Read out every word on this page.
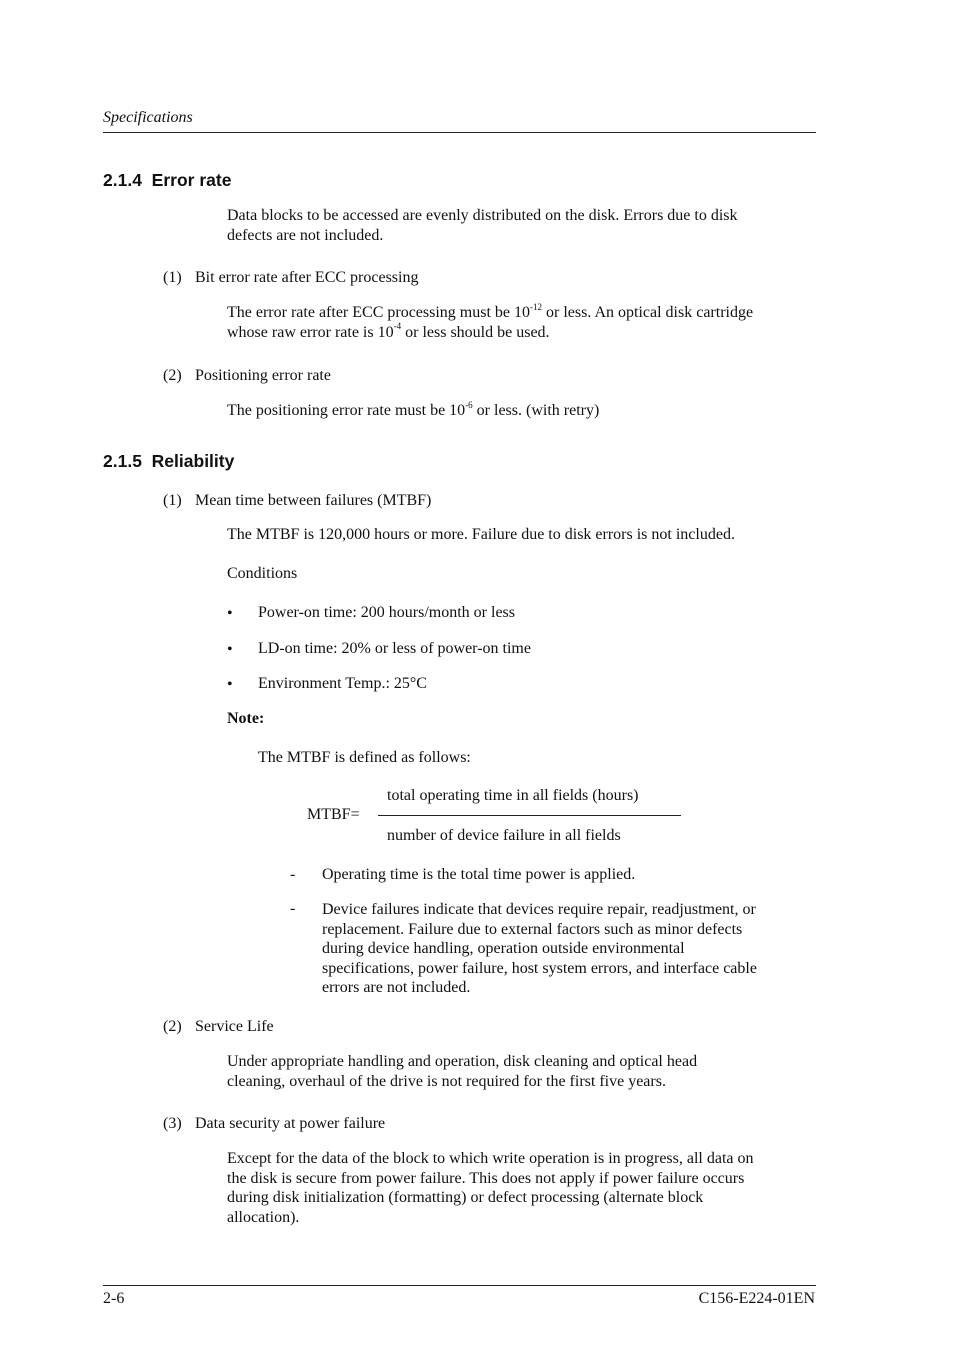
Specifications
2.1.4 Error rate
Data blocks to be accessed are evenly distributed on the disk. Errors due to disk
defects are not included.
(1) Bit error rate after ECC processing
The error rate after ECC processing must be $10^{-12}$ or less. An optical disk cartridge
whose raw error rate is $10^{-4}$ or less should be used.
(2) Positioning error rate
The positioning error rate must be $10^{-6}$ or less. (with retry)
2.1.5 Reliability
(1) Mean time between failures (MTBF)
The MTBF is 120,000 hours or more. Failure due to disk errors is not included.
Conditions
• Power-on time: 200 hours/month or less
• LD-on time: 20% or less of power-on time
• Environment Temp.: 25°C
Note:
The MTBF is defined as follows:
MTBF=
total operating time in all fields (hours)
number of device failure in all fields
- Operating time is the total time power is applied.
- Device failures indicate that devices require repair, readjustment, or
replacement. Failure due to external factors such as minor defects
during device handling, operation outside environmental
specifications, power failure, host system errors, and interface cable
errors are not included.
(2) Service Life
Under appropriate handling and operation, disk cleaning and optical head
cleaning, overhaul of the drive is not required for the first five years.
(3) Data security at power failure
Except for the data of the block to which write operation is in progress, all data on
the disk is secure from power failure. This does not apply if power failure occurs
during disk initialization (formatting) or defect processing (alternate block
allocation).
2-6	C156-E224-01EN
